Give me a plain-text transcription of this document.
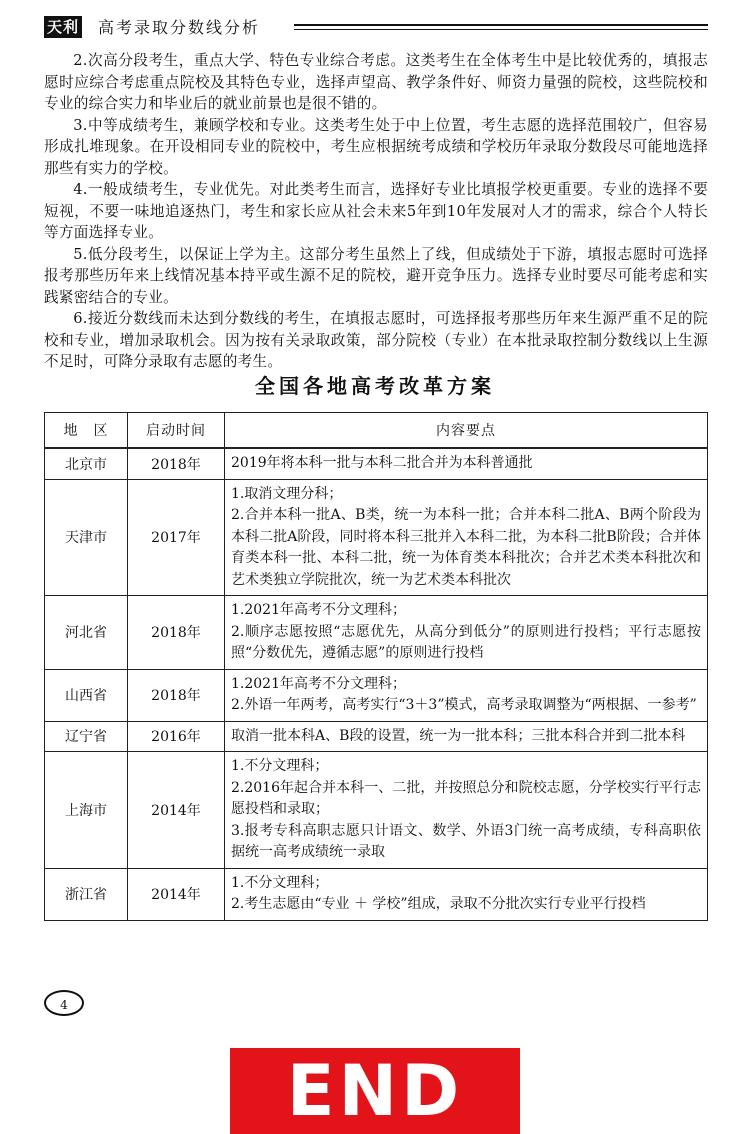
天利 高考录取分数线分析

2.次高分段考生，重点大学、特色专业综合考虑。这类考生在全体考生中是比较优秀的，填报志愿时应综合考虑重点院校及其特色专业，选择声望高、教学条件好、师资力量强的院校，这些院校和专业的综合实力和毕业后的就业前景也是很不错的。

3.中等成绩考生，兼顾学校和专业。这类考生处于中上位置，考生志愿的选择范围较广，但容易形成扎堆现象。在开设相同专业的院校中，考生应根据统考成绩和学校历年录取分数段尽可能地选择那些有实力的学校。

4.一般成绩考生，专业优先。对此类考生而言，选择好专业比填报学校更重要。专业的选择不要短视，不要一味地追逐热门，考生和家长应从社会未来5年到10年发展对人才的需求，综合个人特长等方面选择专业。

5.低分段考生，以保证上学为主。这部分考生虽然上了线，但成绩处于下游，填报志愿时可选择报考那些历年来上线情况基本持平或生源不足的院校，避开竞争压力。选择专业时要尽可能考虑和实践紧密结合的专业。

6.接近分数线而未达到分数线的考生，在填报志愿时，可选择报考那些历年来生源严重不足的院校和专业，增加录取机会。因为按有关录取政策，部分院校（专业）在本批录取控制分数线以上生源不足时，可降分录取有志愿的考生。

全国各地高考改革方案
地　区	启动时间	内容要点
北京市	2018年	2019年将本科一批与本科二批合并为本科普通批
天津市	2017年	1.取消文理分科；
2.合并本科一批A、B类，统一为本科一批；合并本科二批A、B两个阶段为本科二批A阶段，同时将本科三批并入本科二批，为本科二批B阶段；合并体育类本科一批、本科二批，统一为体育类本科批次；合并艺术类本科批次和艺术类独立学院批次，统一为艺术类本科批次
河北省	2018年	1.2021年高考不分文理科；
2.顺序志愿按照“志愿优先，从高分到低分”的原则进行投档；平行志愿按照“分数优先，遵循志愿”的原则进行投档
山西省	2018年	1.2021年高考不分文理科；
2.外语一年两考，高考实行“3＋3”模式，高考录取调整为“两根据、一参考”
辽宁省	2016年	取消一批本科A、B段的设置，统一为一批本科；三批本科合并到二批本科
上海市	2014年	1.不分文理科；
2.2016年起合并本科一、二批，并按照总分和院校志愿，分学校实行平行志愿投档和录取；
3.报考专科高职志愿只计语文、数学、外语3门统一高考成绩，专科高职依据统一高考成绩统一录取
浙江省	2014年	1.不分文理科；
2.考生志愿由“专业 ＋ 学校”组成，录取不分批次实行专业平行投档
4
END
